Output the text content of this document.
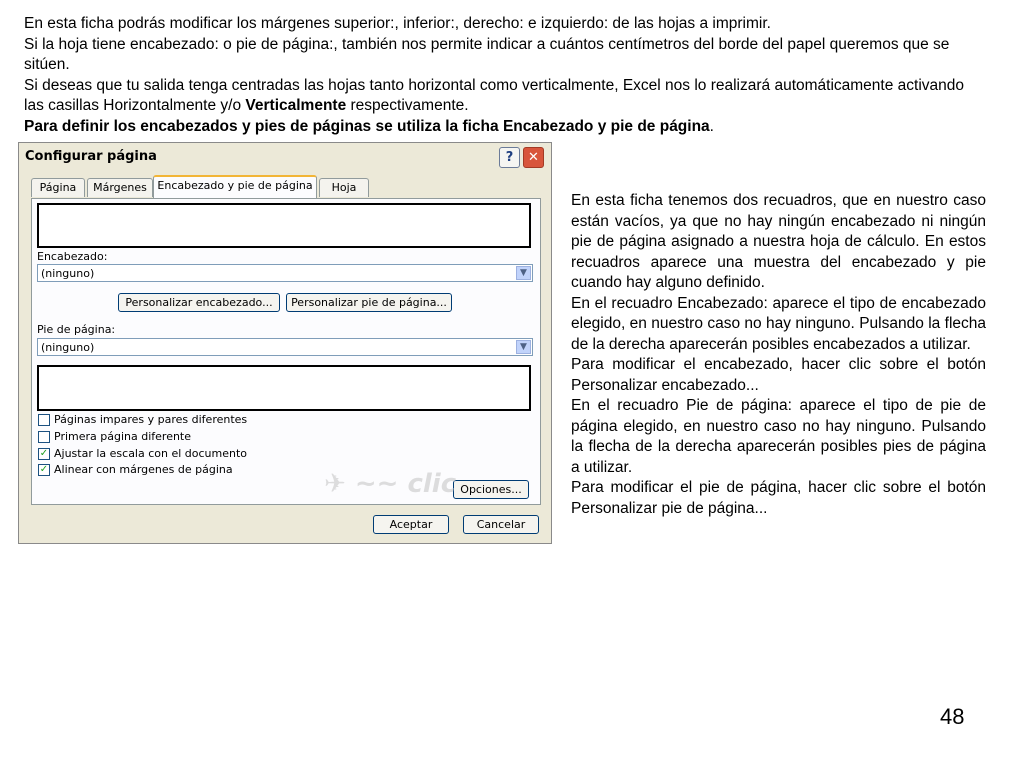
En esta ficha podrás modificar los márgenes superior:, inferior:, derecho: e izquierdo: de las hojas a imprimir.

Si la hoja tiene encabezado: o pie de página:, también nos permite indicar a cuántos centímetros del borde del papel queremos que se sitúen.

Si deseas que tu salida tenga centradas las hojas tanto horizontal como verticalmente, Excel nos lo realizará automáticamente activando las casillas Horizontalmente y/o Verticalmente respectivamente.

Para definir los encabezados y pies de páginas se utiliza la ficha Encabezado y pie de página.

Configurar página	?	✕
Página	Márgenes Encabezado y pie de página	Hoja
Encabezado:
(ninguno)	▼
Personalizar encabezado...	Personalizar pie de página...
Pie de página:
(ninguno)	▼
Páginas impares y pares diferentes
Primera página diferente
✓ Ajustar la escala con el documento
✓ Alinear con márgenes de página
Opciones...
✈ ~~ clic
Aceptar	Cancelar

En esta ficha tenemos dos recuadros, que en nuestro caso están vacíos, ya que no hay ningún encabezado ni ningún pie de página asignado a nuestra hoja de cálculo. En estos recuadros aparece una muestra del encabezado y pie cuando hay alguno definido.

En el recuadro Encabezado: aparece el tipo de encabezado elegido, en nuestro caso no hay ninguno. Pulsando la flecha de la derecha aparecerán posibles encabezados a utilizar.

Para modificar el encabezado, hacer clic sobre el botón Personalizar encabezado...

En el recuadro Pie de página: aparece el tipo de pie de página elegido, en nuestro caso no hay ninguno. Pulsando la flecha de la derecha aparecerán posibles pies de página a utilizar.

Para modificar el pie de página, hacer clic sobre el botón Personalizar pie de página...

48
